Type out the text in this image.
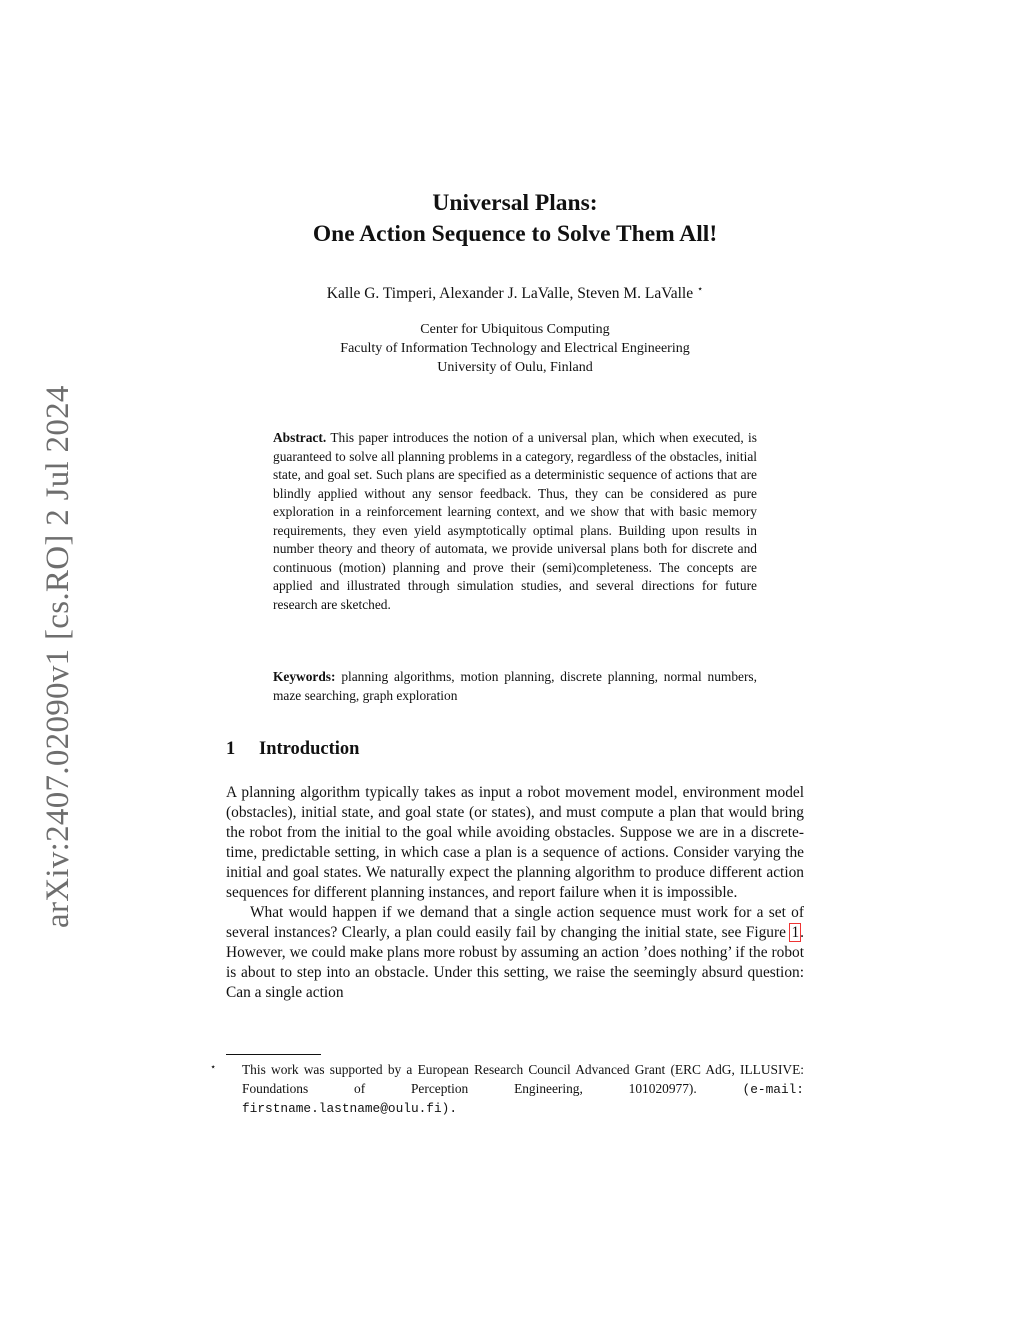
arXiv:2407.02090v1 [cs.RO] 2 Jul 2024
Universal Plans:
One Action Sequence to Solve Them All!
Kalle G. Timperi, Alexander J. LaValle, Steven M. LaValle ⋆
Center for Ubiquitous Computing
Faculty of Information Technology and Electrical Engineering
University of Oulu, Finland
Abstract. This paper introduces the notion of a universal plan, which when executed, is guaranteed to solve all planning problems in a category, regardless of the obstacles, initial state, and goal set. Such plans are specified as a deterministic sequence of actions that are blindly applied without any sensor feedback. Thus, they can be considered as pure exploration in a reinforcement learning context, and we show that with basic memory requirements, they even yield asymptotically optimal plans. Building upon results in number theory and theory of automata, we provide universal plans both for discrete and continuous (motion) planning and prove their (semi)completeness. The concepts are applied and illustrated through simulation studies, and several directions for future research are sketched.
Keywords: planning algorithms, motion planning, discrete planning, normal numbers, maze searching, graph exploration
1 Introduction

A planning algorithm typically takes as input a robot movement model, environment model (obstacles), initial state, and goal state (or states), and must compute a plan that would bring the robot from the initial to the goal while avoiding obstacles. Suppose we are in a discrete-time, predictable setting, in which case a plan is a sequence of actions. Consider varying the initial and goal states. We naturally expect the planning algorithm to produce different action sequences for different planning instances, and report failure when it is impossible.

What would happen if we demand that a single action sequence must work for a set of several instances? Clearly, a plan could easily fail by changing the initial state, see Figure 1. However, we could make plans more robust by assuming an action ’does nothing’ if the robot is about to step into an obstacle. Under this setting, we raise the seemingly absurd question: Can a single action

⋆ This work was supported by a European Research Council Advanced Grant (ERC AdG, ILLUSIVE: Foundations of Perception Engineering, 101020977).	(e-mail: firstname.lastname@oulu.fi).
